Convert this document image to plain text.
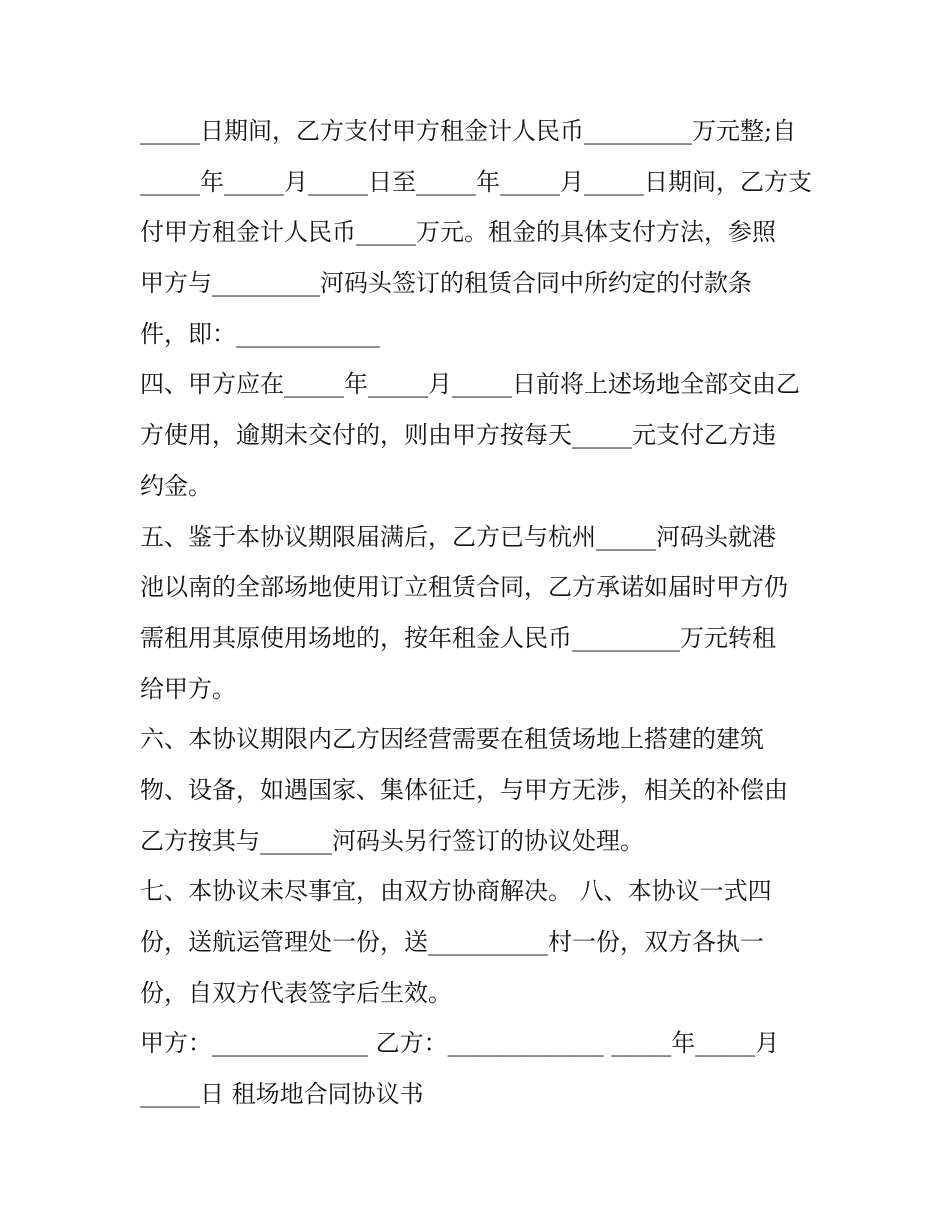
_____日期间，乙方支付甲方租金计人民币_________万元整;自
_____年_____月_____日至_____年_____月_____日期间，乙方支
付甲方租金计人民币_____万元。租金的具体支付方法，参照
甲方与_________河码头签订的租赁合同中所约定的付款条
件，即：____________
四、甲方应在_____年_____月_____日前将上述场地全部交由乙
方使用，逾期未交付的，则由甲方按每天_____元支付乙方违
约金。
五、鉴于本协议期限届满后，乙方已与杭州_____河码头就港
池以南的全部场地使用订立租赁合同，乙方承诺如届时甲方仍
需租用其原使用场地的，按年租金人民币_________万元转租
给甲方。
六、本协议期限内乙方因经营需要在租赁场地上搭建的建筑
物、设备，如遇国家、集体征迁，与甲方无涉，相关的补偿由
乙方按其与______河码头另行签订的协议处理。
七、本协议未尽事宜，由双方协商解决。 八、本协议一式四
份，送航运管理处一份，送__________村一份，双方各执一
份，自双方代表签字后生效。
甲方：_____________ 乙方：_____________ _____年_____月
_____日 租场地合同协议书
